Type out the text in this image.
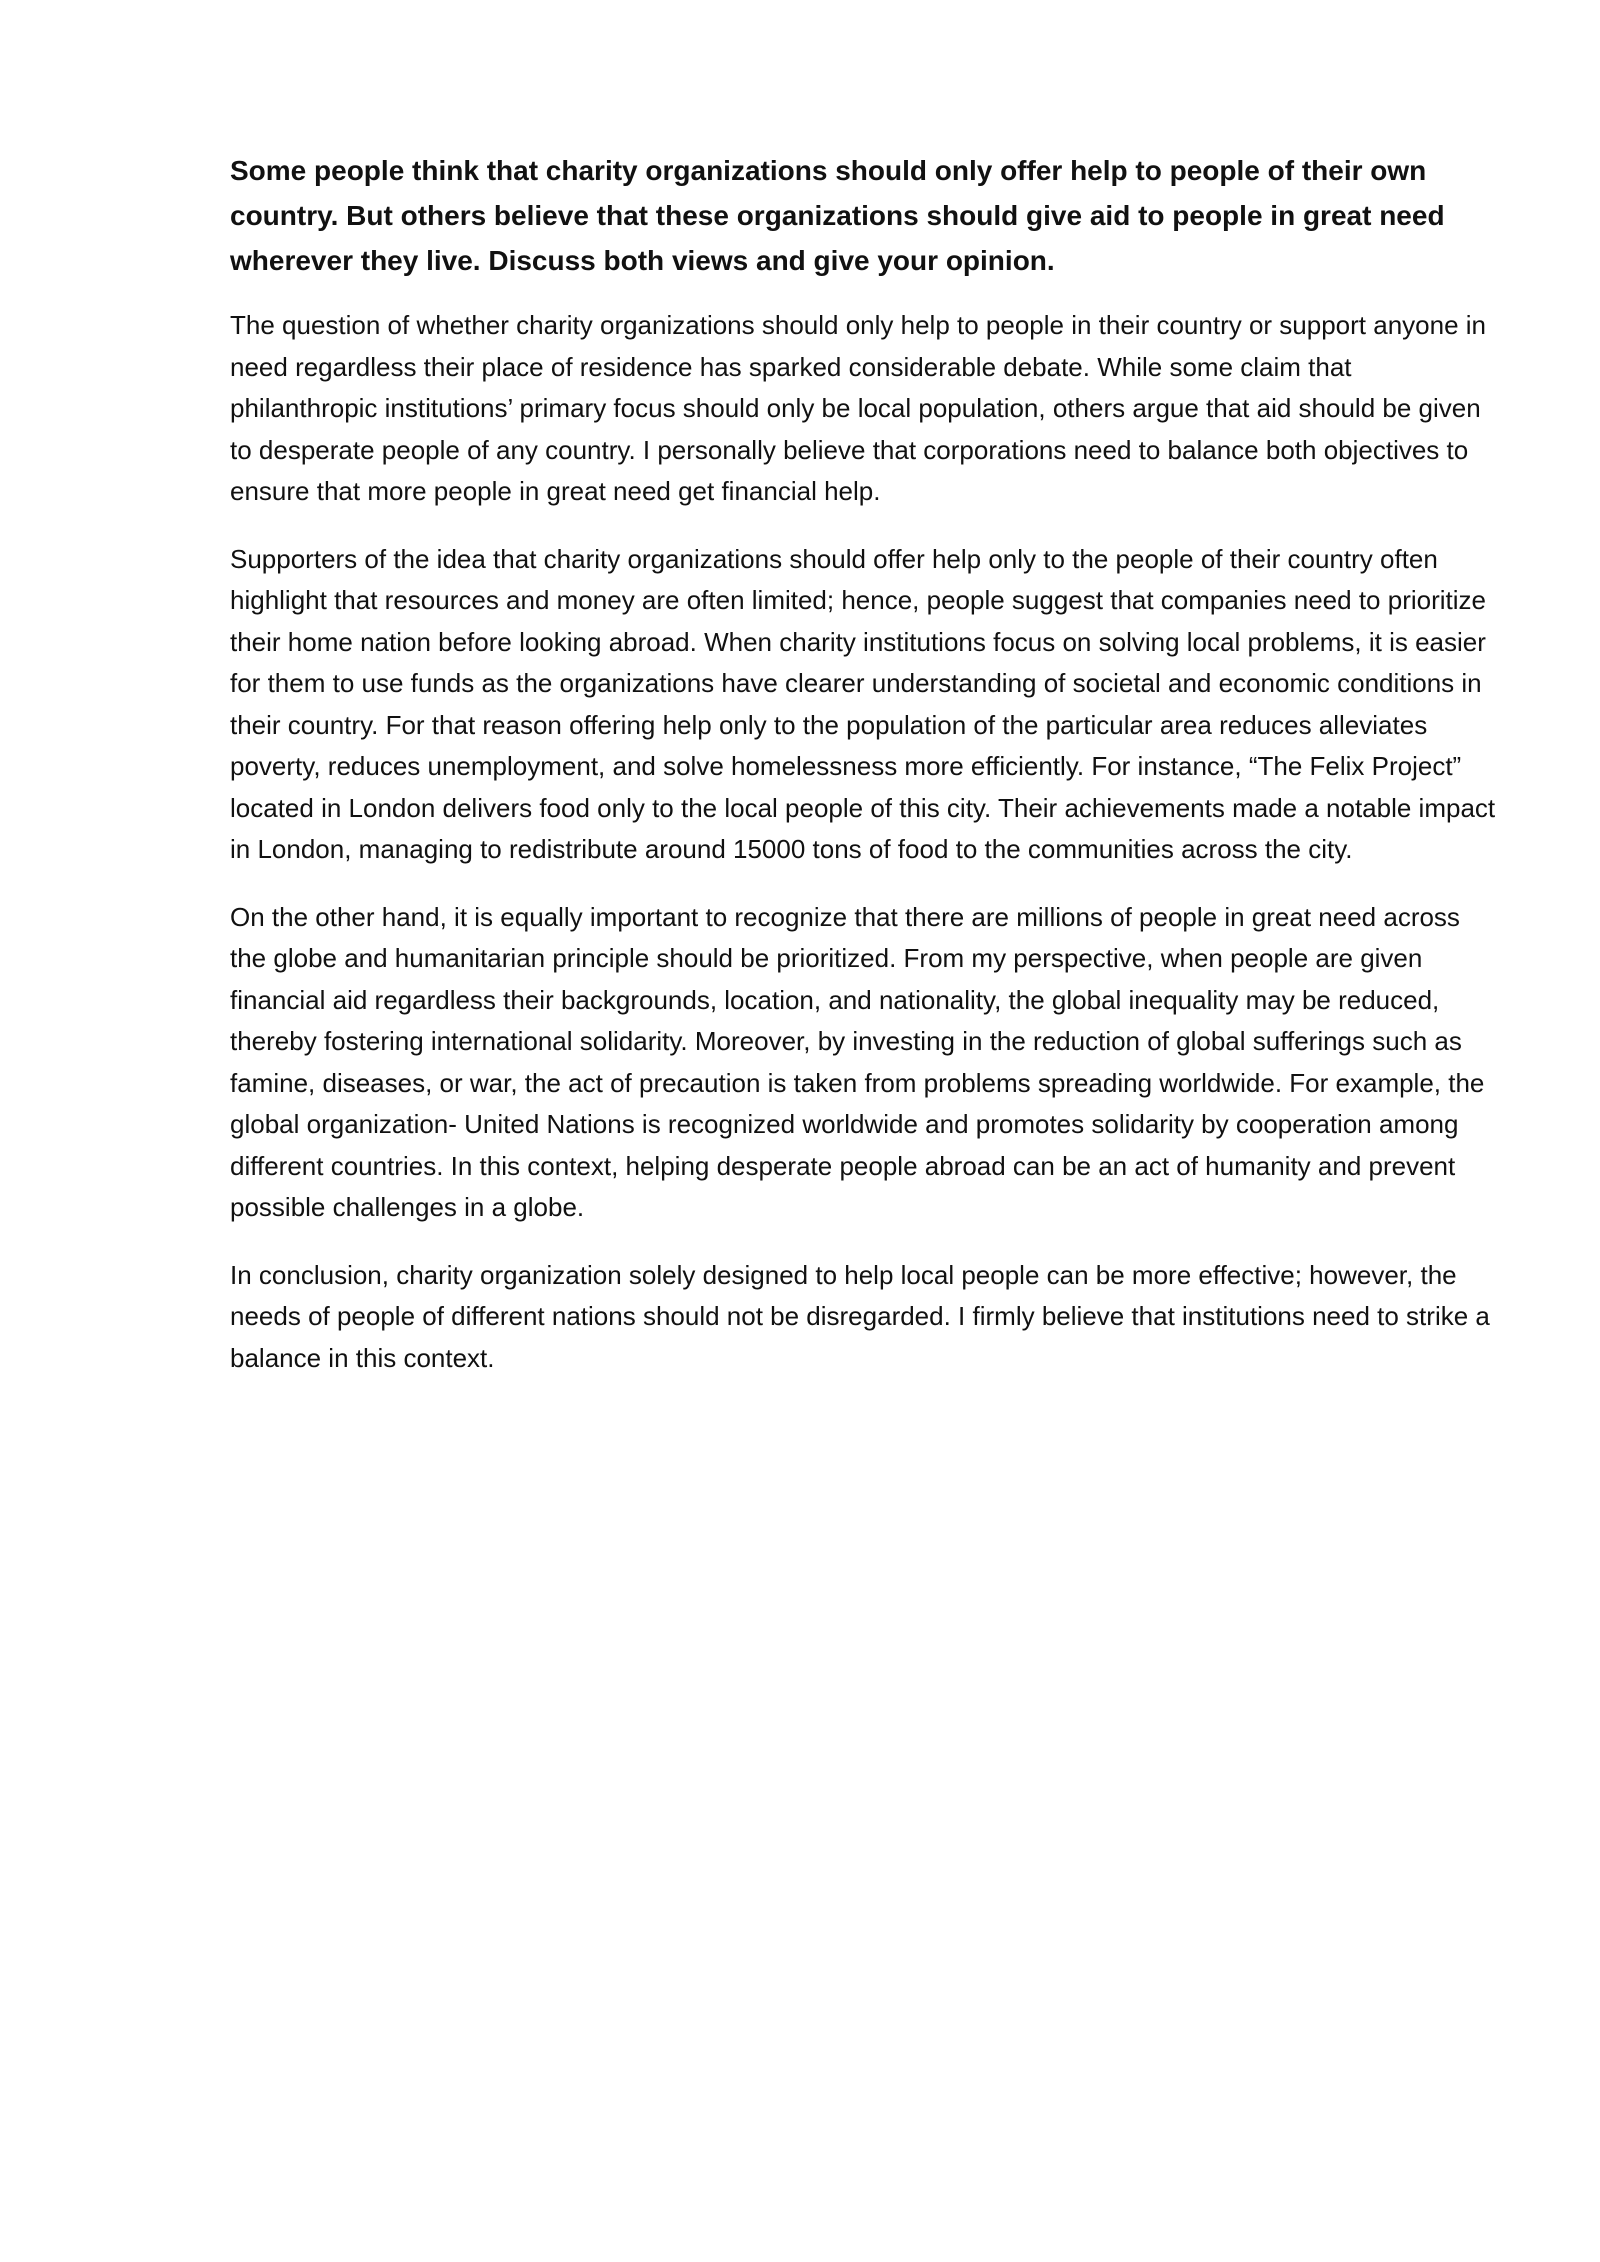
Some people think that charity organizations should only offer help to people of their own country. But others believe that these organizations should give aid to people in great need wherever they live. Discuss both views and give your opinion.

The question of whether charity organizations should only help to people in their country or support anyone in need regardless their place of residence has sparked considerable debate. While some claim that philanthropic institutions’ primary focus should only be local population, others argue that aid should be given to desperate people of any country. I personally believe that corporations need to balance both objectives to ensure that more people in great need get financial help.

Supporters of the idea that charity organizations should offer help only to the people of their country often highlight that resources and money are often limited; hence, people suggest that companies need to prioritize their home nation before looking abroad. When charity institutions focus on solving local problems, it is easier for them to use funds as the organizations have clearer understanding of societal and economic conditions in their country. For that reason offering help only to the population of the particular area reduces alleviates poverty, reduces unemployment, and solve homelessness more efficiently. For instance, “The Felix Project” located in London delivers food only to the local people of this city. Their achievements made a notable impact in London, managing to redistribute around 15000 tons of food to the communities across the city.

On the other hand, it is equally important to recognize that there are millions of people in great need across the globe and humanitarian principle should be prioritized. From my perspective, when people are given financial aid regardless their backgrounds, location, and nationality, the global inequality may be reduced, thereby fostering international solidarity. Moreover, by investing in the reduction of global sufferings such as famine, diseases, or war, the act of precaution is taken from problems spreading worldwide. For example, the global organization- United Nations is recognized worldwide and promotes solidarity by cooperation among different countries. In this context, helping desperate people abroad can be an act of humanity and prevent possible challenges in a globe.

In conclusion, charity organization solely designed to help local people can be more effective; however, the needs of people of different nations should not be disregarded. I firmly believe that institutions need to strike a balance in this context.
